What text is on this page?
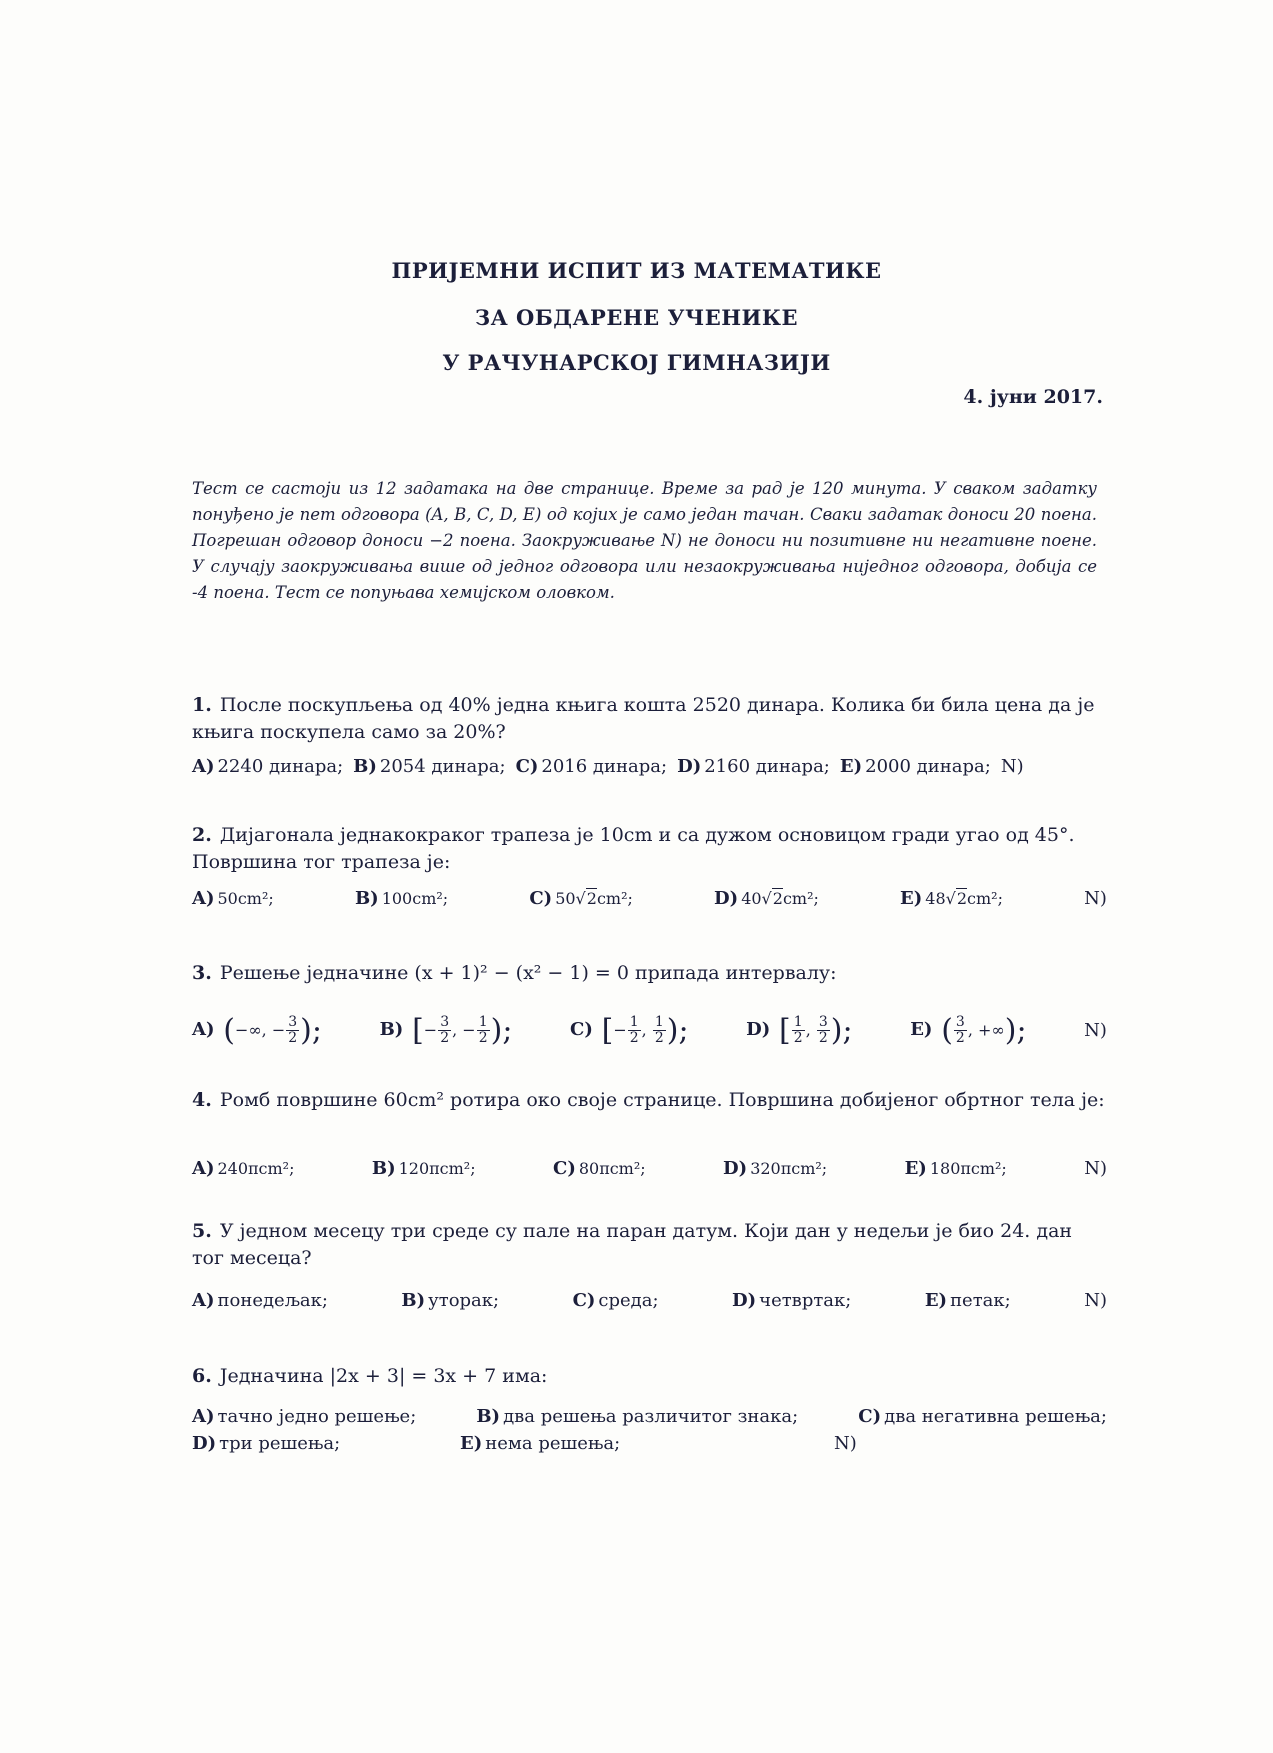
ПРИЈЕМНИ ИСПИТ ИЗ МАТЕМАТИКЕ
ЗА ОБДАРЕНЕ УЧЕНИКЕ
У РАЧУНАРСКОЈ ГИМНАЗИЈИ
4. јуни 2017.
Тест се састоји из 12 задатака на две странице. Време за рад је 120 минута. У сваком задатку понуђено је пет одговора (A, B, C, D, E) од којих је само један тачан. Сваки задатак доноси 20 поена. Погрешан одговор доноси −2 поена. Заокруживање N) не доноси ни позитивне ни негативне поене. У случају заокруживања више од једног одговора или незаокруживања ниједног одговора, добија се -4 поена. Тест се попуњава хемијском оловком.
1. После поскупљења од 40% једна књига кошта 2520 динара. Колика би била цена да је књига поскупела само за 20%?
A) 2240 динара; B) 2054 динара; C) 2016 динара; D) 2160 динара; E) 2000 динара; N)
2. Дијагонала једнакокраког трапеза је 10cm и са дужом основицом гради угао од 45°. Површина тог трапеза је:
A) 50cm²;	B) 100cm²;	C) 50√2cm²;	D) 40√2cm²;	E) 48√2cm²;	N)
3. Решење једначине (x + 1)² − (x² − 1) = 0 припада интервалу:
A) (−∞, − $\frac{3}{2}$ );	B) [− $\frac{3}{2}$ , − $\frac{1}{2}$ );	C) [− $\frac{1}{2}$ , $\frac{1}{2}$ );	D) [ $\frac{1}{2}$ , $\frac{3}{2}$ );	E) ( $\frac{3}{2}$ , +∞);	N)
4. Ромб површине 60cm² ротира око своје странице. Површина добијеног обртног тела је:
A) 240πcm²;	B) 120πcm²;	C) 80πcm²;	D) 320πcm²;	E) 180πcm²;	N)
5. У једном месецу три среде су пале на паран датум. Који дан у недељи је био 24. дан тог месеца?
A) понедељак;	B) уторак;	C) среда;	D) четвртак;	E) петак;	N)
6. Једначина |2x + 3| = 3x + 7 има:
A) тачно једно решење;	B) два решења различитог знака;	C) два негативна решења;
D) три решења;	E) нема решења;	N)
